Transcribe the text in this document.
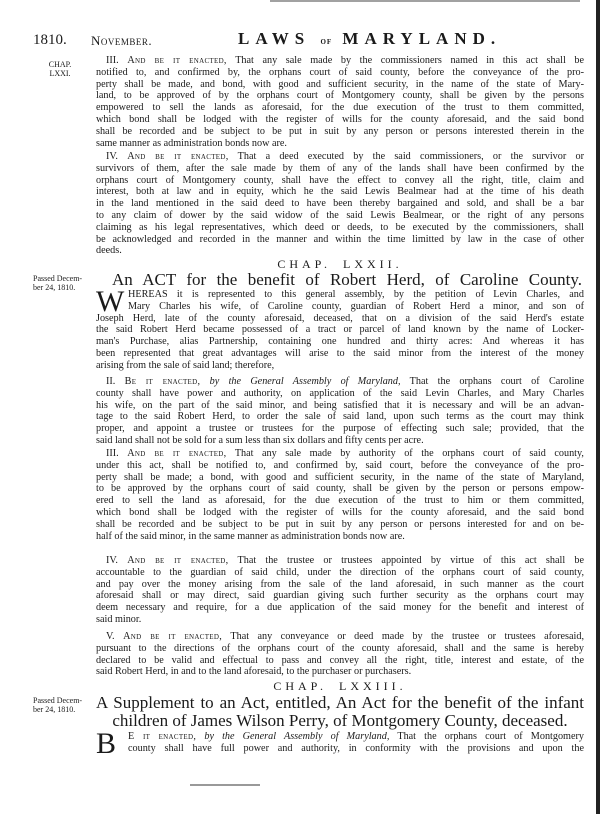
1810. November.	LAWS of MARYLAND.
CHAP.
LXXI.
III. And be it enacted, That any sale made by the commissioners named in this act shall be
notified to, and confirmed by, the orphans court of said county, before the conveyance of the pro-
perty shall be made, and bond, with good and sufficient security, in the name of the state of Mary-
land, to be approved of by the orphans court of Montgomery county, shall be given by the persons
empowered to sell the lands as aforesaid, for the due execution of the trust to them committed,
which bond shall be lodged with the register of wills for the county aforesaid, and the said bond
shall be recorded and be subject to be put in suit by any person or persons interested therein in the
same manner as administration bonds now are.
IV. And be it enacted, That a deed executed by the said commissioners, or the survivor or
survivors of them, after the sale made by them of any of the lands shall have been confirmed by the
orphans court of Montgomery county, shall have the effect to convey all the right, title, claim and
interest, both at law and in equity, which he the said Lewis Bealmear had at the time of his death
in the land mentioned in the said deed to have been thereby bargained and sold, and shall be a bar
to any claim of dower by the said widow of the said Lewis Bealmear, or the right of any persons
claiming as his legal representatives, which deed or deeds, to be executed by the commissioners, shall
be acknowledged and recorded in the manner and within the time limitted by law in the case of other
deeds.
CHAP. LXXII.
Passed Decem-
ber 24, 1810.	An ACT for the benefit of Robert Herd, of Caroline County.
W HEREAS it is represented to this general assembly, by the petition of Levin Charles, and
Mary Charles his wife, of Caroline county, guardian of Robert Herd a minor, and son of
Joseph Herd, late of the county aforesaid, deceased, that on a division of the said Herd's estate
the said Robert Herd became possessed of a tract or parcel of land known by the name of Locker-
man's Purchase, alias Partnership, containing one hundred and thirty acres: And whereas it has
been represented that great advantages will arise to the said minor from the interest of the money
arising from the sale of said land; therefore,
II. Be it enacted, by the General Assembly of Maryland, That the orphans court of Caroline
county shall have power and authority, on application of the said Levin Charles, and Mary Charles
his wife, on the part of the said minor, and being satisfied that it is necessary and will be an advan-
tage to the said Robert Herd, to order the sale of said land, upon such terms as the court may think
proper, and appoint a trustee or trustees for the purpose of effecting such sale; provided, that the
said land shall not be sold for a sum less than six dollars and fifty cents per acre.
III. And be it enacted, That any sale made by authority of the orphans court of said county,
under this act, shall be notified to, and confirmed by, said court, before the conveyance of the pro-
perty shall be made; a bond, with good and sufficient security, in the name of the state of Maryland,
to be approved by the orphans court of said county, shall be given by the person or persons empow-
ered to sell the land as aforesaid, for the due execution of the trust to him or them committed,
which bond shall be lodged with the register of wills for the county aforesaid, and the said bond
shall be recorded and be subject to be put in suit by any person or persons interested for and on be-
half of the said minor, in the same manner as administration bonds now are.
IV. And be it enacted, That the trustee or trustees appointed by virtue of this act shall be
accountable to the guardian of said child, under the direction of the orphans court of said county,
and pay over the money arising from the sale of the land aforesaid, in such manner as the court
aforesaid shall or may direct, said guardian giving such further security as the orphans court may
deem necessary and require, for a due application of the said money for the benefit and interest of
said minor.
V. And be it enacted, That any conveyance or deed made by the trustee or trustees aforesaid,
pursuant to the directions of the orphans court of the county aforesaid, shall and the same is hereby
declared to be valid and effectual to pass and convey all the right, title, interest and estate, of the
said Robert Herd, in and to the land aforesaid, to the purchaser or purchasers.
CHAP. LXXIII.
Passed Decem-
ber 24, 1810.	A Supplement to an Act, entitled, An Act for the benefit of the infant
children of James Wilson Perry, of Montgomery County, deceased.
B	E it enacted, by the General Assembly of Maryland, That the orphans court of Montgomery
county shall have full power and authority, in conformity with the provisions and upon the
